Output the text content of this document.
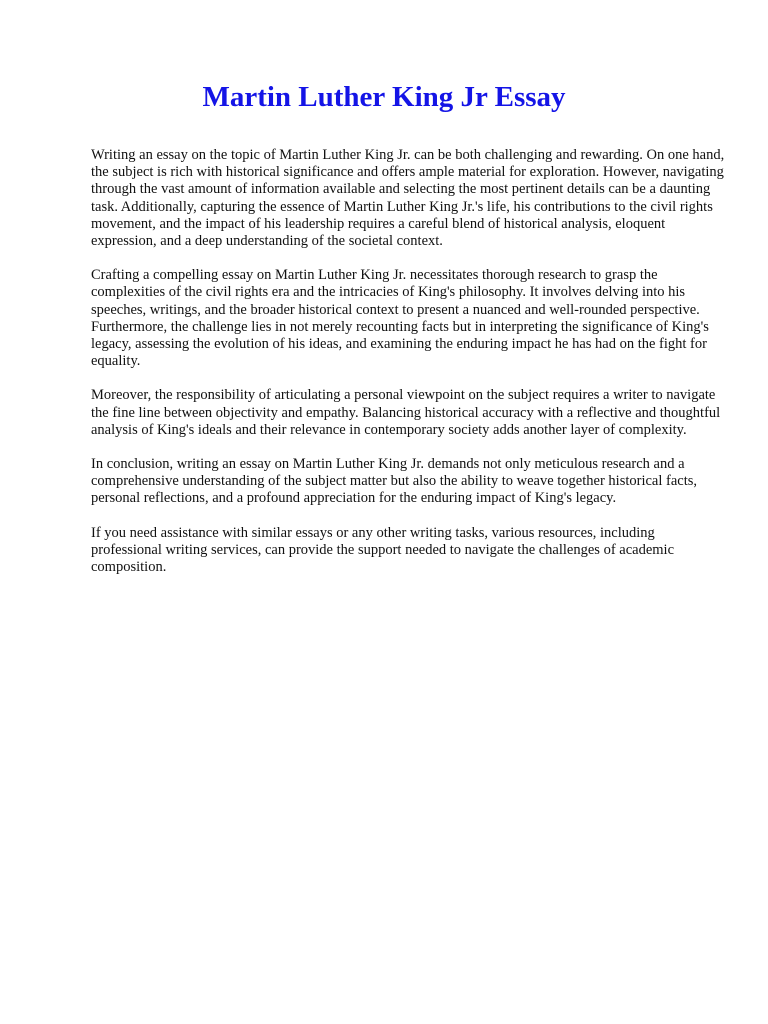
Martin Luther King Jr Essay

Writing an essay on the topic of Martin Luther King Jr. can be both challenging and rewarding. On one hand, the subject is rich with historical significance and offers ample material for exploration. However, navigating through the vast amount of information available and selecting the most pertinent details can be a daunting task. Additionally, capturing the essence of Martin Luther King Jr.'s life, his contributions to the civil rights movement, and the impact of his leadership requires a careful blend of historical analysis, eloquent expression, and a deep understanding of the societal context.

Crafting a compelling essay on Martin Luther King Jr. necessitates thorough research to grasp the complexities of the civil rights era and the intricacies of King's philosophy. It involves delving into his speeches, writings, and the broader historical context to present a nuanced and well-rounded perspective. Furthermore, the challenge lies in not merely recounting facts but in interpreting the significance of King's legacy, assessing the evolution of his ideas, and examining the enduring impact he has had on the fight for equality.

Moreover, the responsibility of articulating a personal viewpoint on the subject requires a writer to navigate the fine line between objectivity and empathy. Balancing historical accuracy with a reflective and thoughtful analysis of King's ideals and their relevance in contemporary society adds another layer of complexity.

In conclusion, writing an essay on Martin Luther King Jr. demands not only meticulous research and a comprehensive understanding of the subject matter but also the ability to weave together historical facts, personal reflections, and a profound appreciation for the enduring impact of King's legacy.

If you need assistance with similar essays or any other writing tasks, various resources, including professional writing services, can provide the support needed to navigate the challenges of academic composition.
